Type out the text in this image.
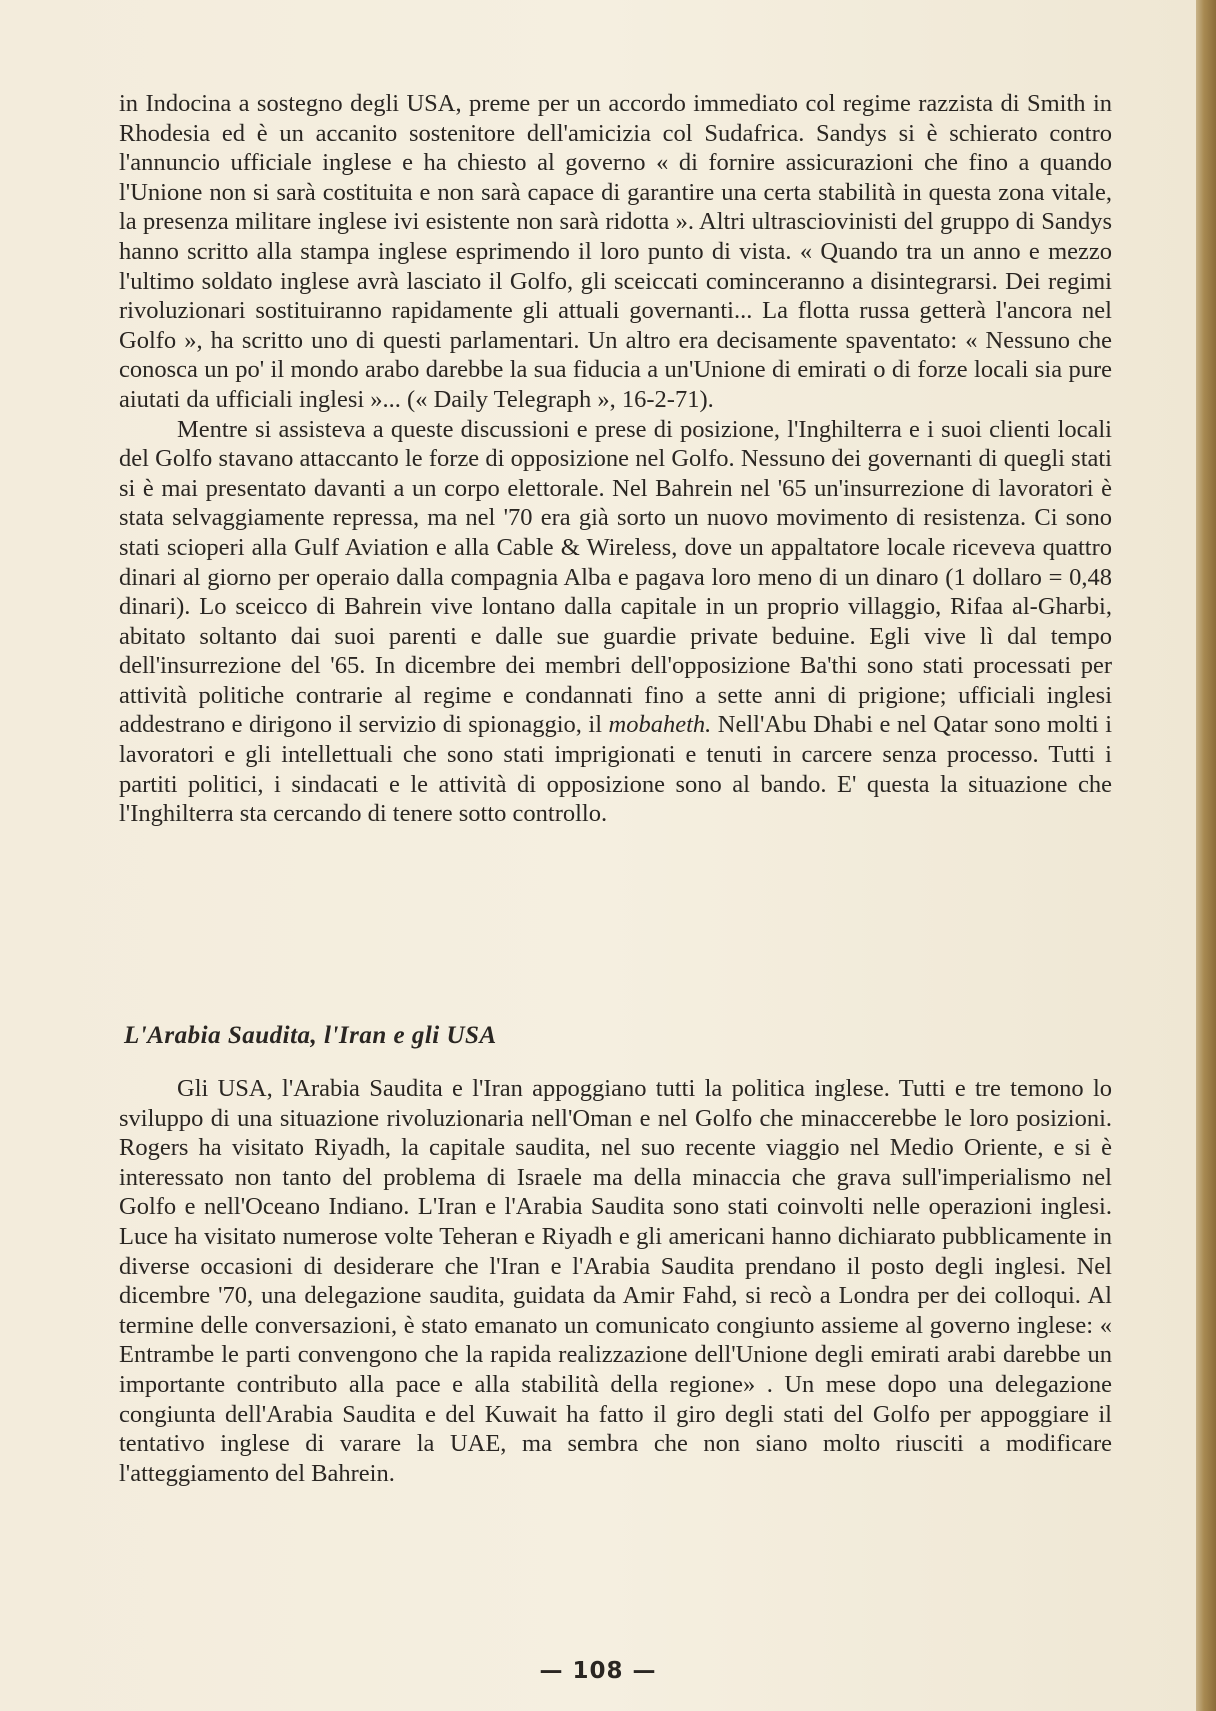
in Indocina a sostegno degli USA, preme per un accordo immediato col regime razzista di Smith in Rhodesia ed è un accanito sostenitore dell'amicizia col Sudafrica. Sandys si è schierato contro l'annuncio ufficiale inglese e ha chiesto al governo « di fornire assicurazioni che fino a quando l'Unione non si sarà costituita e non sarà capace di garantire una certa stabilità in questa zona vitale, la presenza militare inglese ivi esistente non sarà ridotta ». Altri ultrasciovinisti del gruppo di Sandys hanno scritto alla stampa inglese esprimendo il loro punto di vista. « Quando tra un anno e mezzo l'ultimo soldato inglese avrà lasciato il Golfo, gli sceiccati cominceranno a disintegrarsi. Dei regimi rivoluzionari sostituiranno rapidamente gli attuali governanti... La flotta russa getterà l'ancora nel Golfo », ha scritto uno di questi parlamentari. Un altro era decisamente spaventato: « Nessuno che conosca un po' il mondo arabo darebbe la sua fiducia a un'Unione di emirati o di forze locali sia pure aiutati da ufficiali inglesi »... (« Daily Telegraph », 16-2-71).

Mentre si assisteva a queste discussioni e prese di posizione, l'Inghilterra e i suoi clienti locali del Golfo stavano attaccanto le forze di opposizione nel Golfo. Nessuno dei governanti di quegli stati si è mai presentato davanti a un corpo elettorale. Nel Bahrein nel '65 un'insurrezione di lavoratori è stata selvaggiamente repressa, ma nel '70 era già sorto un nuovo movimento di resistenza. Ci sono stati scioperi alla Gulf Aviation e alla Cable & Wireless, dove un appaltatore locale riceveva quattro dinari al giorno per operaio dalla compagnia Alba e pagava loro meno di un dinaro (1 dollaro = 0,48 dinari). Lo sceicco di Bahrein vive lontano dalla capitale in un proprio villaggio, Rifaa al-Gharbi, abitato soltanto dai suoi parenti e dalle sue guardie private beduine. Egli vive lì dal tempo dell'insurrezione del '65. In dicembre dei membri dell'opposizione Ba'thi sono stati processati per attività politiche contrarie al regime e condannati fino a sette anni di prigione; ufficiali inglesi addestrano e dirigono il servizio di spionaggio, il mobaheth. Nell'Abu Dhabi e nel Qatar sono molti i lavoratori e gli intellettuali che sono stati imprigionati e tenuti in carcere senza processo. Tutti i partiti politici, i sindacati e le attività di opposizione sono al bando. E' questa la situazione che l'Inghilterra sta cercando di tenere sotto controllo.

L'Arabia Saudita, l'Iran e gli USA

Gli USA, l'Arabia Saudita e l'Iran appoggiano tutti la politica inglese. Tutti e tre temono lo sviluppo di una situazione rivoluzionaria nell'Oman e nel Golfo che minaccerebbe le loro posizioni. Rogers ha visitato Riyadh, la capitale saudita, nel suo recente viaggio nel Medio Oriente, e si è interessato non tanto del problema di Israele ma della minaccia che grava sull'imperialismo nel Golfo e nell'Oceano Indiano. L'Iran e l'Arabia Saudita sono stati coinvolti nelle operazioni inglesi. Luce ha visitato numerose volte Teheran e Riyadh e gli americani hanno dichiarato pubblicamente in diverse occasioni di desiderare che l'Iran e l'Arabia Saudita prendano il posto degli inglesi. Nel dicembre '70, una delegazione saudita, guidata da Amir Fahd, si recò a Londra per dei colloqui. Al termine delle conversazioni, è stato emanato un comunicato congiunto assieme al governo inglese: « Entrambe le parti convengono che la rapida realizzazione dell'Unione degli emirati arabi darebbe un importante contributo alla pace e alla stabilità della regione» . Un mese dopo una delegazione congiunta dell'Arabia Saudita e del Kuwait ha fatto il giro degli stati del Golfo per appoggiare il tentativo inglese di varare la UAE, ma sembra che non siano molto riusciti a modificare l'atteggiamento del Bahrein.

— 108 —
